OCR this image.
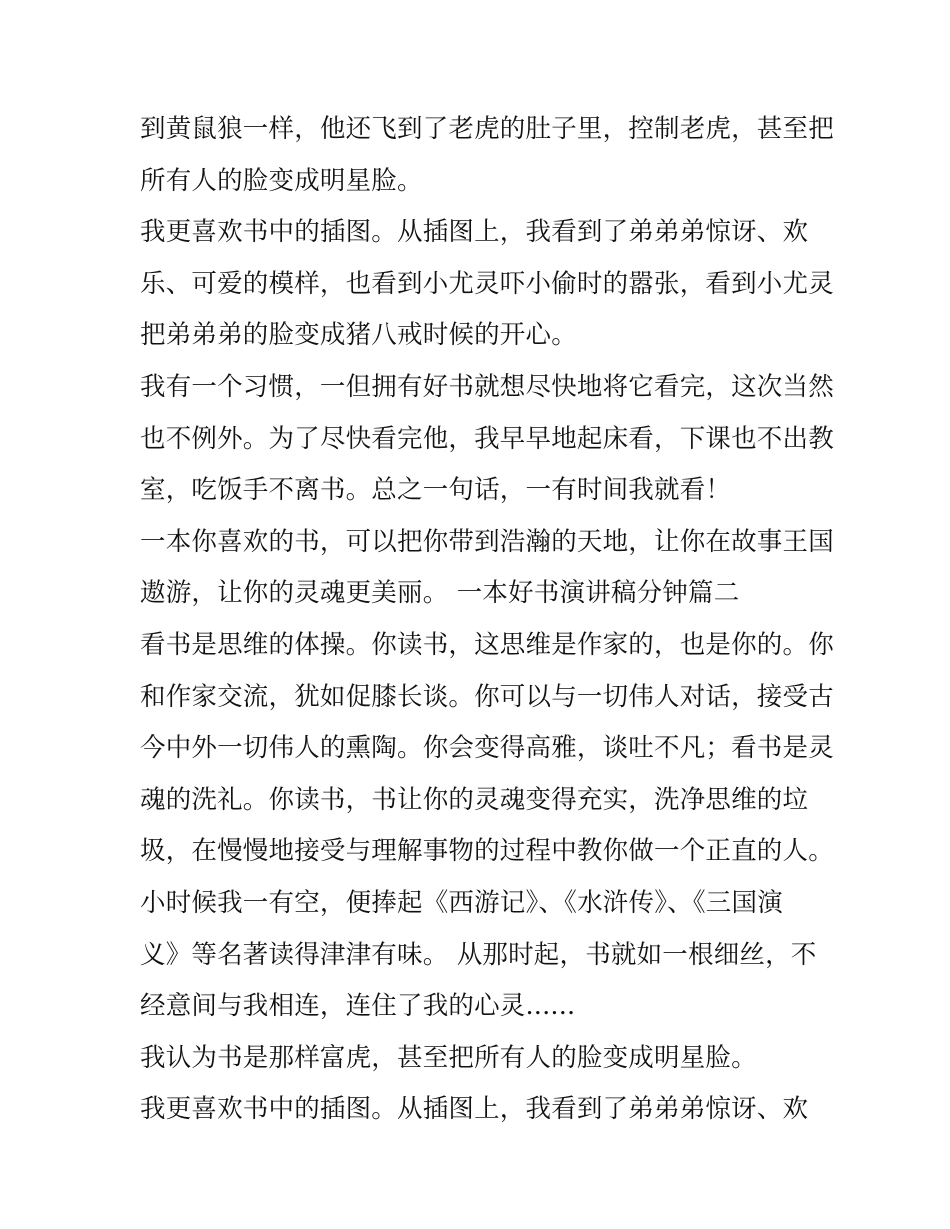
到黄鼠狼一样，他还飞到了老虎的肚子里，控制老虎，甚至把
所有人的脸变成明星脸。
我更喜欢书中的插图。从插图上，我看到了弟弟弟惊讶、欢
乐、可爱的模样，也看到小尤灵吓小偷时的嚣张，看到小尤灵
把弟弟弟的脸变成猪八戒时候的开心。
我有一个习惯，一但拥有好书就想尽快地将它看完，这次当然
也不例外。为了尽快看完他，我早早地起床看，下课也不出教
室，吃饭手不离书。总之一句话，一有时间我就看！
一本你喜欢的书，可以把你带到浩瀚的天地，让你在故事王国
遨游，让你的灵魂更美丽。 一本好书演讲稿分钟篇二
看书是思维的体操。你读书，这思维是作家的，也是你的。你
和作家交流，犹如促膝长谈。你可以与一切伟人对话，接受古
今中外一切伟人的熏陶。你会变得高雅，谈吐不凡；看书是灵
魂的洗礼。你读书，书让你的灵魂变得充实，洗净思维的垃
圾，在慢慢地接受与理解事物的过程中教你做一个正直的人。
小时候我一有空，便捧起《西游记》、《水浒传》、《三国演
义》等名著读得津津有味。 从那时起，书就如一根细丝，不
经意间与我相连，连住了我的心灵......
我认为书是那样富虎，甚至把所有人的脸变成明星脸。
我更喜欢书中的插图。从插图上，我看到了弟弟弟惊讶、欢
